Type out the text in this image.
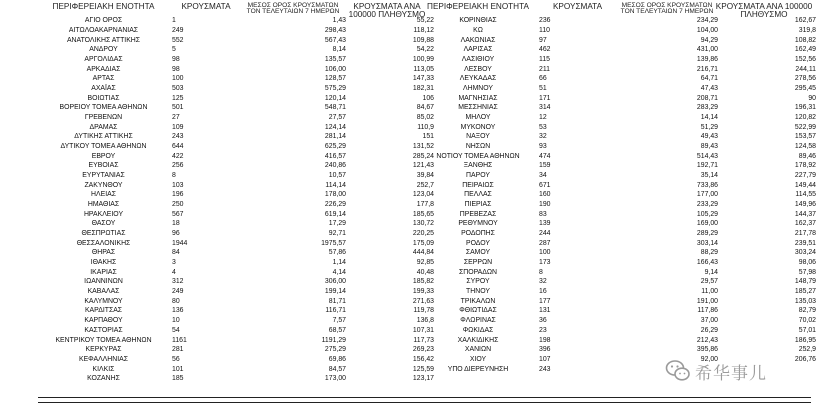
ΠΕΡΙΦΕΡΕΙΑΚΗ ΕΝΟΤΗΤΑ	ΚΡΟΥΣΜΑΤΑ	ΜΕΣΟΣ ΟΡΟΣ ΚΡΟΥΣΜΑΤΩΝ ΤΟΝ ΤΕΛΕΥΤΑΙΩΝ 7 ΗΜΕΡΩΝ
ΚΡΟΥΣΜΑΤΑ ΑΝΑ 100000 ΠΛΗΘΥΣΜΟ
ΠΕΡΙΦΕΡΕΙΑΚΗ ΕΝΟΤΗΤΑ	ΚΡΟΥΣΜΑΤΑ	ΜΕΣΟΣ ΟΡΟΣ ΚΡΟΥΣΜΑΤΩΝ ΤΟΝ ΤΕΛΕΥΤΑΙΩΝ 7 ΗΜΕΡΩΝ
ΚΡΟΥΣΜΑΤΑ ΑΝΑ 100000 ΠΛΗΘΥΣΜΟ
ΑΓΙΟ ΟΡΟΣ	1	1,43	55,22
ΑΙΤΩΛΟΑΚΑΡΝΑΝΙΑΣ	249	298,43	118,12
ΑΝΑΤΟΛΙΚΗΣ ΑΤΤΙΚΗΣ	552	567,43	109,88
ΑΝΔΡΟΥ	5	8,14	54,22
ΑΡΓΟΛΙΔΑΣ	98	135,57	100,99
ΑΡΚΑΔΙΑΣ	98	106,00	113,05
ΑΡΤΑΣ	100	128,57	147,33
ΑΧΑΪΑΣ	503	575,29	182,31
ΒΟΙΩΤΙΑΣ	125	120,14	106
ΒΟΡΕΙΟΥ ΤΟΜΕΑ ΑΘΗΝΩΝ	501	548,71	84,67
ΓΡΕΒΕΝΩΝ	27	27,57	85,02
ΔΡΑΜΑΣ	109	124,14	110,9
ΔΥΤΙΚΗΣ ΑΤΤΙΚΗΣ	243	281,14	151
ΔΥΤΙΚΟΥ ΤΟΜΕΑ ΑΘΗΝΩΝ	644	625,29	131,52
ΕΒΡΟΥ	422	416,57	285,24
ΕΥΒΟΙΑΣ	256	240,86	121,43
ΕΥΡΥΤΑΝΙΑΣ	8	10,57	39,84
ΖΑΚΥΝΘΟΥ	103	114,14	252,7
ΗΛΕΙΑΣ	196	178,00	123,04
ΗΜΑΘΙΑΣ	250	226,29	177,8
ΗΡΑΚΛΕΙΟΥ	567	619,14	185,65
ΘΑΣΟΥ	18	17,29	130,72
ΘΕΣΠΡΩΤΙΑΣ	96	92,71	220,25
ΘΕΣΣΑΛΟΝΙΚΗΣ	1944	1975,57	175,09
ΘΗΡΑΣ	84	57,86	444,84
ΙΘΑΚΗΣ	3	1,14	92,85
ΙΚΑΡΙΑΣ	4	4,14	40,48
ΙΩΑΝΝΙΝΩΝ	312	306,00	185,82
ΚΑΒΑΛΑΣ	249	199,14	199,33
ΚΑΛΥΜΝΟΥ	80	81,71	271,63
ΚΑΡΔΙΤΣΑΣ	136	116,71	119,78
ΚΑΡΠΑΘΟΥ	10	7,57	136,8
ΚΑΣΤΟΡΙΑΣ	54	68,57	107,31
ΚΕΝΤΡΙΚΟΥ ΤΟΜΕΑ ΑΘΗΝΩΝ	1161	1191,29	117,73
ΚΕΡΚΥΡΑΣ	281	275,29	269,23
ΚΕΦΑΛΛΗΝΙΑΣ	56	69,86	156,42
ΚΙΛΚΙΣ	101	84,57	125,59
ΚΟΖΑΝΗΣ	185	173,00	123,17
ΚΟΡΙΝΘΙΑΣ	236	234,29	162,67
ΚΩ	110	104,00	319,8
ΛΑΚΩΝΙΑΣ	97	94,29	108,82
ΛΑΡΙΣΑΣ	462	431,00	162,49
ΛΑΣΙΘΙΟΥ	115	139,86	152,56
ΛΕΣΒΟΥ	211	216,71	244,11
ΛΕΥΚΑΔΑΣ	66	64,71	278,56
ΛΗΜΝΟΥ	51	47,43	295,45
ΜΑΓΝΗΣΙΑΣ	171	208,71	90
ΜΕΣΣΗΝΙΑΣ	314	283,29	196,31
ΜΗΛΟΥ	12	14,14	120,82
ΜΥΚΟΝΟΥ	53	51,29	522,99
ΝΑΞΟΥ	32	49,43	153,57
ΝΗΣΩΝ	93	89,43	124,58
ΝΟΤΙΟΥ ΤΟΜΕΑ ΑΘΗΝΩΝ	474	514,43	89,46
ΞΑΝΘΗΣ	159	192,71	178,92
ΠΑΡΟΥ	34	35,14	227,79
ΠΕΙΡΑΙΩΣ	671	733,86	149,44
ΠΕΛΛΑΣ	160	177,00	114,55
ΠΙΕΡΙΑΣ	190	233,29	149,96
ΠΡΕΒΕΖΑΣ	83	105,29	144,37
ΡΕΘΥΜΝΟΥ	139	169,00	162,37
ΡΟΔΟΠΗΣ	244	289,29	217,78
ΡΟΔΟΥ	287	303,14	239,51
ΣΑΜΟΥ	100	88,29	303,24
ΣΕΡΡΩΝ	173	166,43	98,06
ΣΠΟΡΑΔΩΝ	8	9,14	57,98
ΣΥΡΟΥ	32	29,57	148,79
ΤΗΝΟΥ	16	11,00	185,27
ΤΡΙΚΑΛΩΝ	177	191,00	135,03
ΦΘΙΩΤΙΔΑΣ	131	117,86	82,79
ΦΛΩΡΙΝΑΣ	36	37,00	70,02
ΦΩΚΙΔΑΣ	23	26,29	57,01
ΧΑΛΚΙΔΙΚΗΣ	198	212,43	186,95
ΧΑΝΙΩΝ	396	395,86	252,9
ΧΙΟΥ	107	92,00	206,76
ΥΠΟ ΔΙΕΡΕΥΝΗΣΗ	243	希华事儿
